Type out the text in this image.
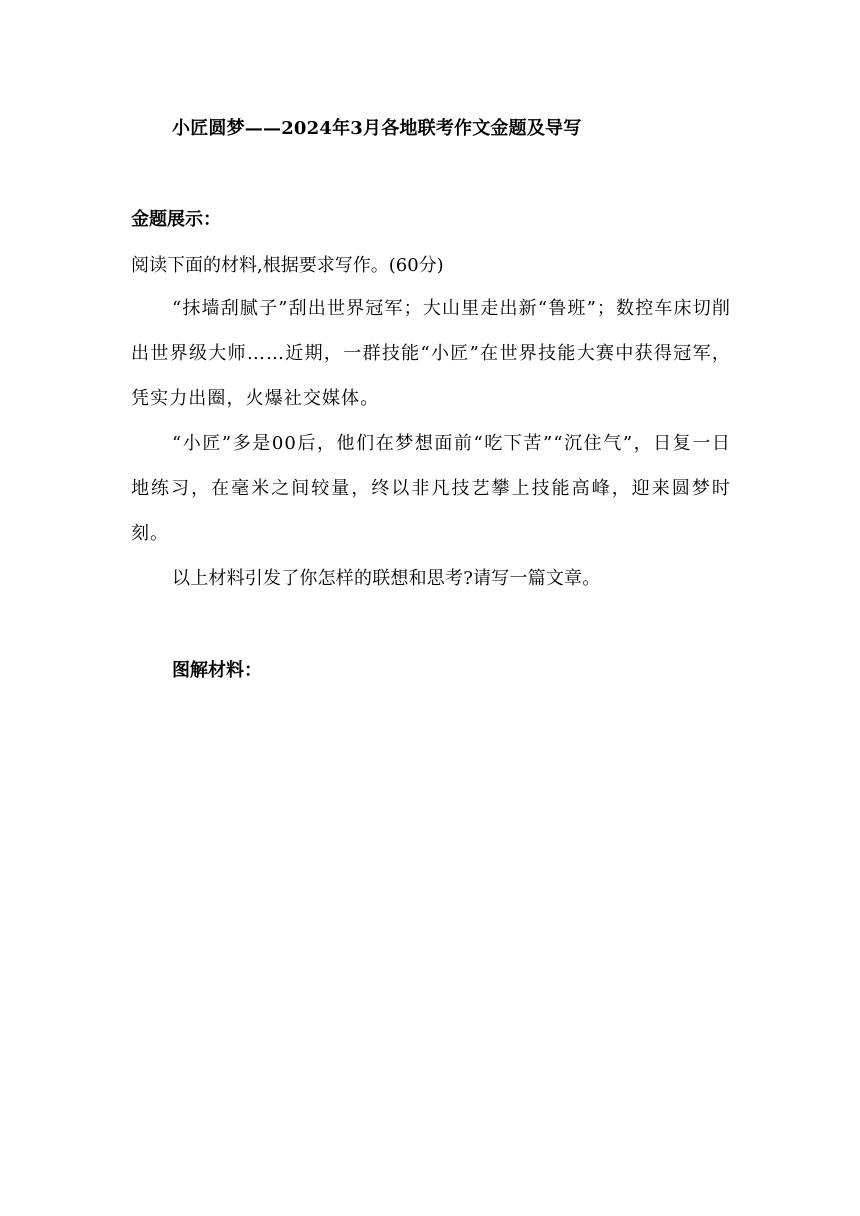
小匠圆梦——2024年3月各地联考作文金题及导写
金题展示：
阅读下面的材料,根据要求写作。(60分)
“抹墙刮腻子”刮出世界冠军；大山里走出新“鲁班”；数控车床切削出世界级大师……近期，一群技能“小匠”在世界技能大赛中获得冠军，凭实力出圈，火爆社交媒体。
“小匠”多是00后，他们在梦想面前“吃下苦”“沉住气”，日复一日地练习，在毫米之间较量，终以非凡技艺攀上技能高峰，迎来圆梦时刻。
以上材料引发了你怎样的联想和思考?请写一篇文章。
图解材料：
